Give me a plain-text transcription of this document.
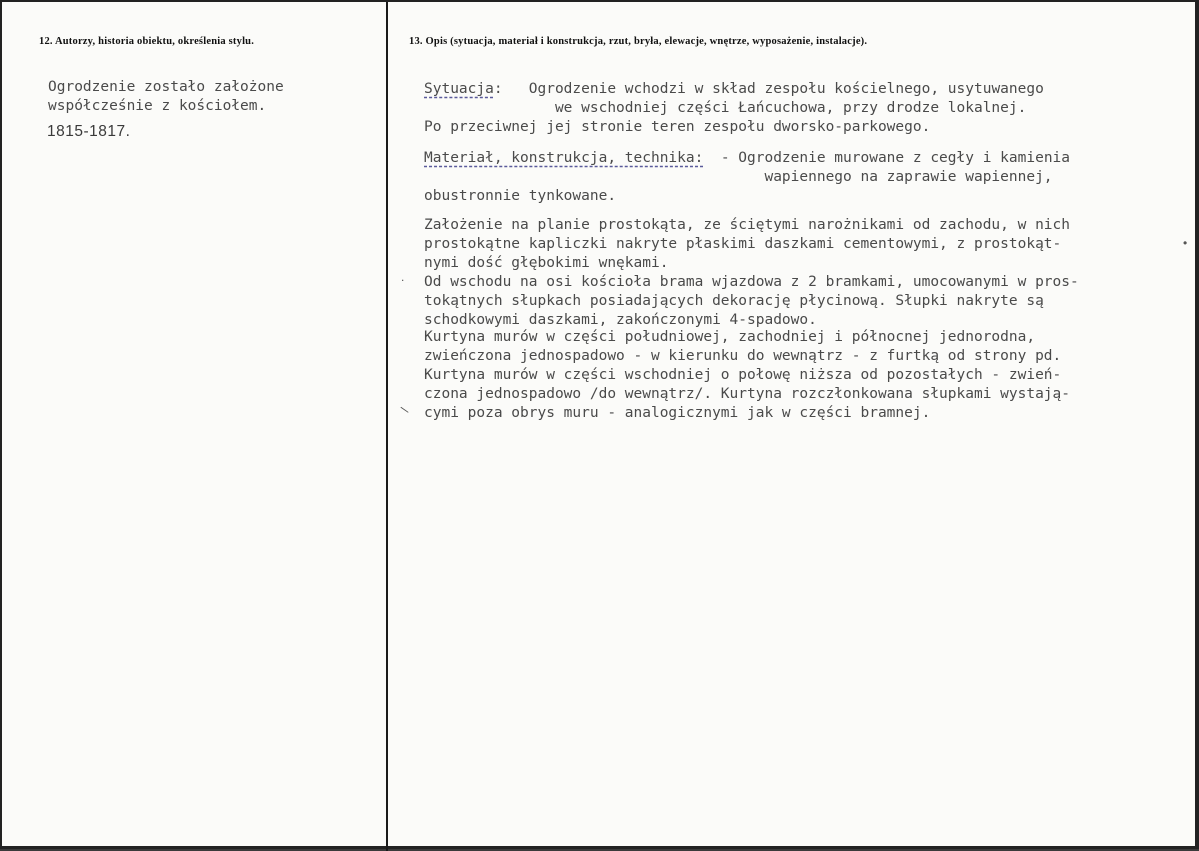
12. Autorzy, historia obiektu, określenia stylu.	13. Opis (sytuacja, materiał i konstrukcja, rzut, bryła, elewacje, wnętrze, wyposażenie, instalacje).
Ogrodzenie zostało założone
współcześnie z kościołem.
1815-1817.
Sytuacja:   Ogrodzenie wchodzi w skład zespołu kościelnego, usytuwanego
we wschodniej części Łańcuchowa, przy drodze lokalnej.
Po przeciwnej jej stronie teren zespołu dworsko-parkowego.
Materiał, konstrukcja, technika:  - Ogrodzenie murowane z cegły i kamienia
wapiennego na zaprawie wapiennej,
obustronnie tynkowane.
Założenie na planie prostokąta, ze ściętymi narożnikami od zachodu, w nich
prostokątne kapliczki nakryte płaskimi daszkami cementowymi, z prostokąt-
nymi dość głębokimi wnękami.
Od wschodu na osi kościoła brama wjazdowa z 2 bramkami, umocowanymi w pros-
tokątnych słupkach posiadających dekorację płycinową. Słupki nakryte są
schodkowymi daszkami, zakończonymi 4-spadowo.
Kurtyna murów w części południowej, zachodniej i północnej jednorodna,
zwieńczona jednospadowo - w kierunku do wewnątrz - z furtką od strony pd.
Kurtyna murów w części wschodniej o połowę niższa od pozostałych - zwień-
czona jednospadowo /do wewnątrz/. Kurtyna rozczłonkowana słupkami wystają-
cymi poza obrys muru - analogicznymi jak w części bramnej.
•
.
\
